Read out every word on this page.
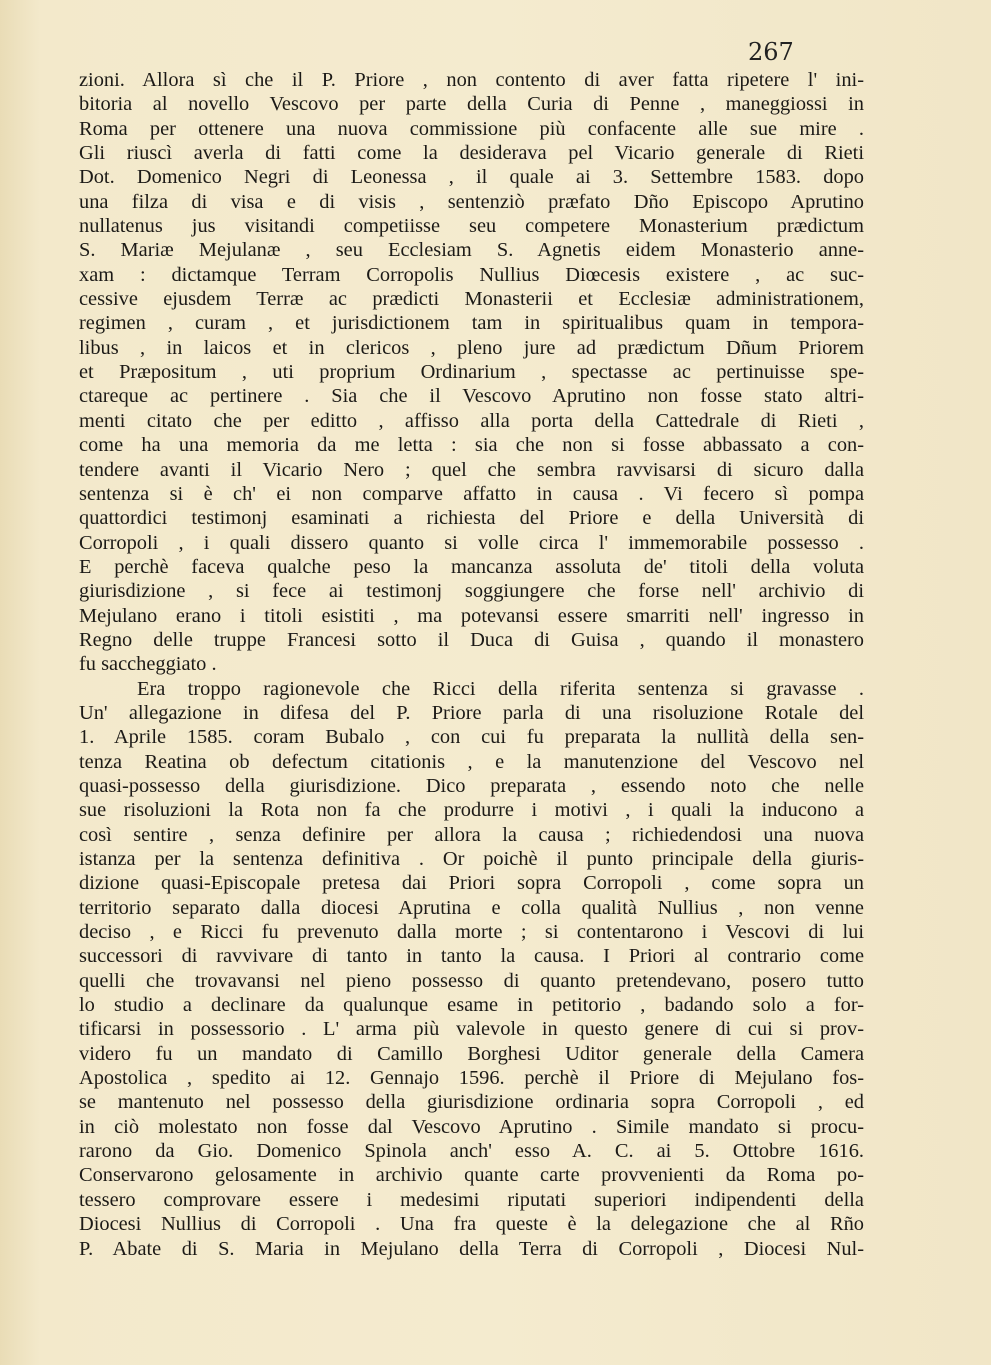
267
zioni. Allora sì che il P. Priore , non contento di aver fatta ripetere l' ini-
bitoria al novello Vescovo per parte della Curia di Penne , maneggiossi in
Roma per ottenere una nuova commissione più confacente alle sue mire .
Gli riuscì averla di fatti come la desiderava pel Vicario generale di Rieti
Dot. Domenico Negri di Leonessa , il quale ai 3. Settembre 1583. dopo
una filza di visa e di visis , sentenziò præfato Dño Episcopo Aprutino
nullatenus jus visitandi competiisse seu competere Monasterium prædictum
S. Mariæ Mejulanæ , seu Ecclesiam S. Agnetis eidem Monasterio anne-
xam : dictamque Terram Corropolis Nullius Diœcesis existere , ac suc-
cessive ejusdem Terræ ac prædicti Monasterii et Ecclesiæ administrationem,
regimen , curam , et jurisdictionem tam in spiritualibus quam in tempora-
libus , in laicos et in clericos , pleno jure ad prædictum Dñum Priorem
et Præpositum , uti proprium Ordinarium , spectasse ac pertinuisse spe-
ctareque ac pertinere . Sia che il Vescovo Aprutino non fosse stato altri-
menti citato che per editto , affisso alla porta della Cattedrale di Rieti ,
come ha una memoria da me letta : sia che non si fosse abbassato a con-
tendere avanti il Vicario Nero ; quel che sembra ravvisarsi di sicuro dalla
sentenza si è ch' ei non comparve affatto in causa . Vi fecero sì pompa
quattordici testimonj esaminati a richiesta del Priore e della Università di
Corropoli , i quali dissero quanto si volle circa l' immemorabile possesso .
E perchè faceva qualche peso la mancanza assoluta de' titoli della voluta
giurisdizione , si fece ai testimonj soggiungere che forse nell' archivio di
Mejulano erano i titoli esistiti , ma potevansi essere smarriti nell' ingresso in
Regno delle truppe Francesi sotto il Duca di Guisa , quando il monastero
fu saccheggiato .
Era troppo ragionevole che Ricci della riferita sentenza si gravasse .
Un' allegazione in difesa del P. Priore parla di una risoluzione Rotale del
1. Aprile 1585. coram Bubalo , con cui fu preparata la nullità della sen-
tenza Reatina ob defectum citationis , e la manutenzione del Vescovo nel
quasi-possesso della giurisdizione. Dico preparata , essendo noto che nelle
sue risoluzioni la Rota non fa che produrre i motivi , i quali la inducono a
così sentire , senza definire per allora la causa ; richiedendosi una nuova
istanza per la sentenza definitiva . Or poichè il punto principale della giuris-
dizione quasi-Episcopale pretesa dai Priori sopra Corropoli , come sopra un
territorio separato dalla diocesi Aprutina e colla qualità Nullius , non venne
deciso , e Ricci fu prevenuto dalla morte ; si contentarono i Vescovi di lui
successori di ravvivare di tanto in tanto la causa. I Priori al contrario come
quelli che trovavansi nel pieno possesso di quanto pretendevano, posero tutto
lo studio a declinare da qualunque esame in petitorio , badando solo a for-
tificarsi in possessorio . L' arma più valevole in questo genere di cui si prov-
videro fu un mandato di Camillo Borghesi Uditor generale della Camera
Apostolica , spedito ai 12. Gennajo 1596. perchè il Priore di Mejulano fos-
se mantenuto nel possesso della giurisdizione ordinaria sopra Corropoli , ed
in ciò molestato non fosse dal Vescovo Aprutino . Simile mandato si procu-
rarono da Gio. Domenico Spinola anch' esso A. C. ai 5. Ottobre 1616.
Conservarono gelosamente in archivio quante carte provvenienti da Roma po-
tessero comprovare essere i medesimi riputati superiori indipendenti della
Diocesi Nullius di Corropoli . Una fra queste è la delegazione che al Rño
P. Abate di S. Maria in Mejulano della Terra di Corropoli , Diocesi Nul-
